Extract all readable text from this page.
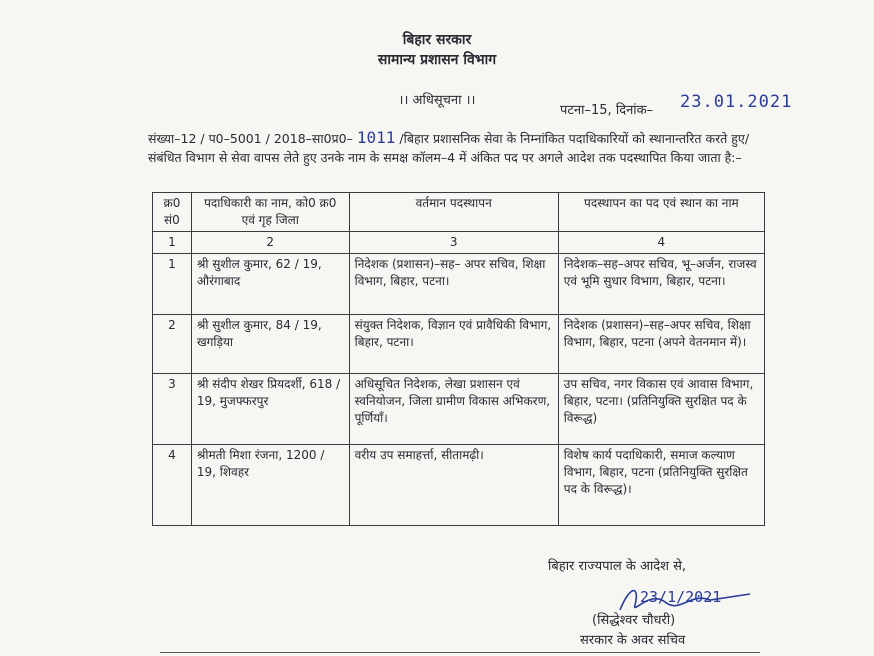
बिहार सरकार
सामान्य प्रशासन विभाग
।। अधिसूचना ।।
पटना–15, दिनांक– 23.01.2021
संख्या–12 / प0–5001 / 2018–सा0प्र0– 1011 /बिहार प्रशासनिक सेवा के निम्नांकित पदाधिकारियों को स्थानान्तरित करते हुए/संबंधित विभाग से सेवा वापस लेते हुए उनके नाम के समक्ष कॉलम–4 में अंकित पद पर अगले आदेश तक पदस्थापित किया जाता है:–
क्र0 सं0	पदाधिकारी का नाम, को0 क्र0 एवं गृह जिला	वर्तमान पदस्थापन	पदस्थापन का पद एवं स्थान का नाम
1	2	3	4
1	श्री सुशील कुमार, 62 / 19, औरंगाबाद	निदेशक (प्रशासन)–सह– अपर सचिव, शिक्षा विभाग, बिहार, पटना।	निदेशक–सह–अपर सचिव, भू–अर्जन, राजस्व एवं भूमि सुधार विभाग, बिहार, पटना।
2	श्री सुशील कुमार, 84 / 19, खगड़िया	संयुक्त निदेशक, विज्ञान एवं प्रावैधिकी विभाग, बिहार, पटना।	निदेशक (प्रशासन)–सह–अपर सचिव, शिक्षा विभाग, बिहार, पटना (अपने वेतनमान में)।
3	श्री संदीप शेखर प्रियदर्शी, 618 / 19, मुजफ्फरपुर	अधिसूचित निदेशक, लेखा प्रशासन एवं स्वनियोजन, जिला ग्रामीण विकास अभिकरण, पूर्णियाँ।	उप सचिव, नगर विकास एवं आवास विभाग, बिहार, पटना। (प्रतिनियुक्ति सुरक्षित पद के विरूद्ध)
4	श्रीमती मिशा रंजना, 1200 / 19, शिवहर	वरीय उप समाहर्त्ता, सीतामढ़ी।	विशेष कार्य पदाधिकारी, समाज कल्याण विभाग, बिहार, पटना (प्रतिनियुक्ति सुरक्षित पद के विरूद्ध)।
बिहार राज्यपाल के आदेश से,
23/1/2021
(सिद्धेश्वर चौधरी)
सरकार के अवर सचिव
